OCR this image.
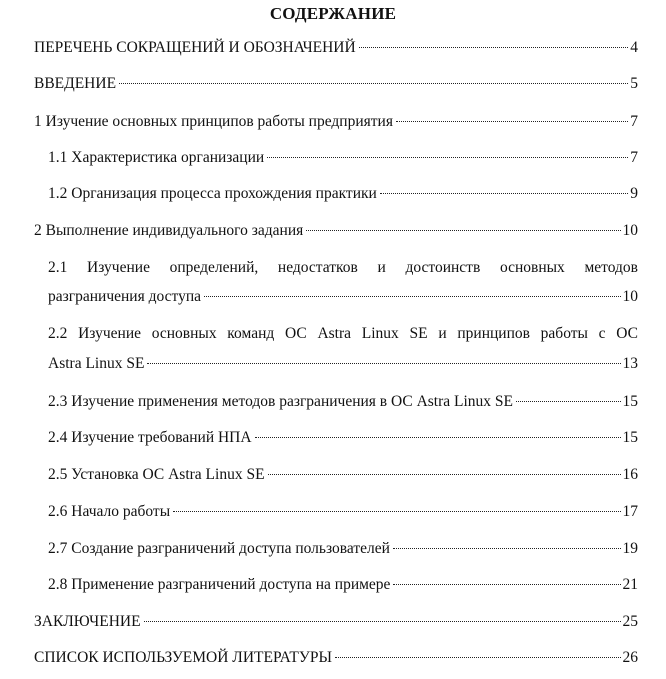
СОДЕРЖАНИЕ
ПЕРЕЧЕНЬ СОКРАЩЕНИЙ И ОБОЗНАЧЕНИЙ	4
ВВЕДЕНИЕ	5
1 Изучение основных принципов работы предприятия	7
1.1 Характеристика организации	7
1.2 Организация процесса прохождения практики	9
2 Выполнение индивидуального задания	10
2.1 Изучение определений, недостатков и достоинств основных методов
разграничения доступа	10
2.2 Изучение основных команд ОС Astra Linux SE и принципов работы с ОС
Astra Linux SE	13
2.3 Изучение применения методов разграничения в ОС Astra Linux SE	15
2.4 Изучение требований НПА	15
2.5 Установка ОС Astra Linux SE	16
2.6 Начало работы	17
2.7 Создание разграничений доступа пользователей	19
2.8 Применение разграничений доступа на примере	21
ЗАКЛЮЧЕНИЕ	25
СПИСОК ИСПОЛЬЗУЕМОЙ ЛИТЕРАТУРЫ	26
